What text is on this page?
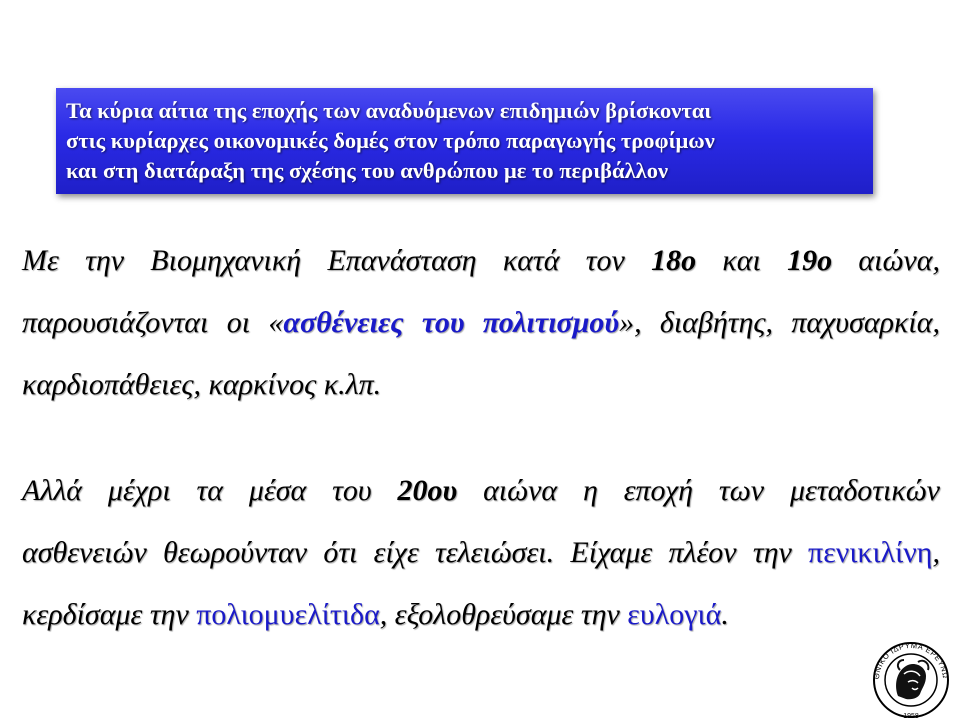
Τα κύρια αίτια της εποχής των αναδυόμενων επιδημιών βρίσκονται
στις κυρίαρχες οικονομικές δομές στον τρόπο παραγωγής τροφίμων
και στη διατάραξη της σχέσης του ανθρώπου με το περιβάλλον
Με την Βιομηχανική Επανάσταση κατά τον 18ο και 19ο αιώνα,
παρουσιάζονται οι «ασθένειες του πολιτισμού», διαβήτης, παχυσαρκία,
καρδιοπάθειες, καρκίνος κ.λπ.
Αλλά μέχρι τα μέσα του 20ου αιώνα η εποχή των μεταδοτικών
ασθενειών θεωρούνταν ότι είχε τελειώσει. Είχαμε πλέον την πενικιλίνη,
κερδίσαμε την πολιομυελίτιδα, εξολοθρεύσαμε την ευλογιά.
ΘΝΙΚΟ ΙΔΡΥΜΑ ΕΡΕΥΝΩ
1958
